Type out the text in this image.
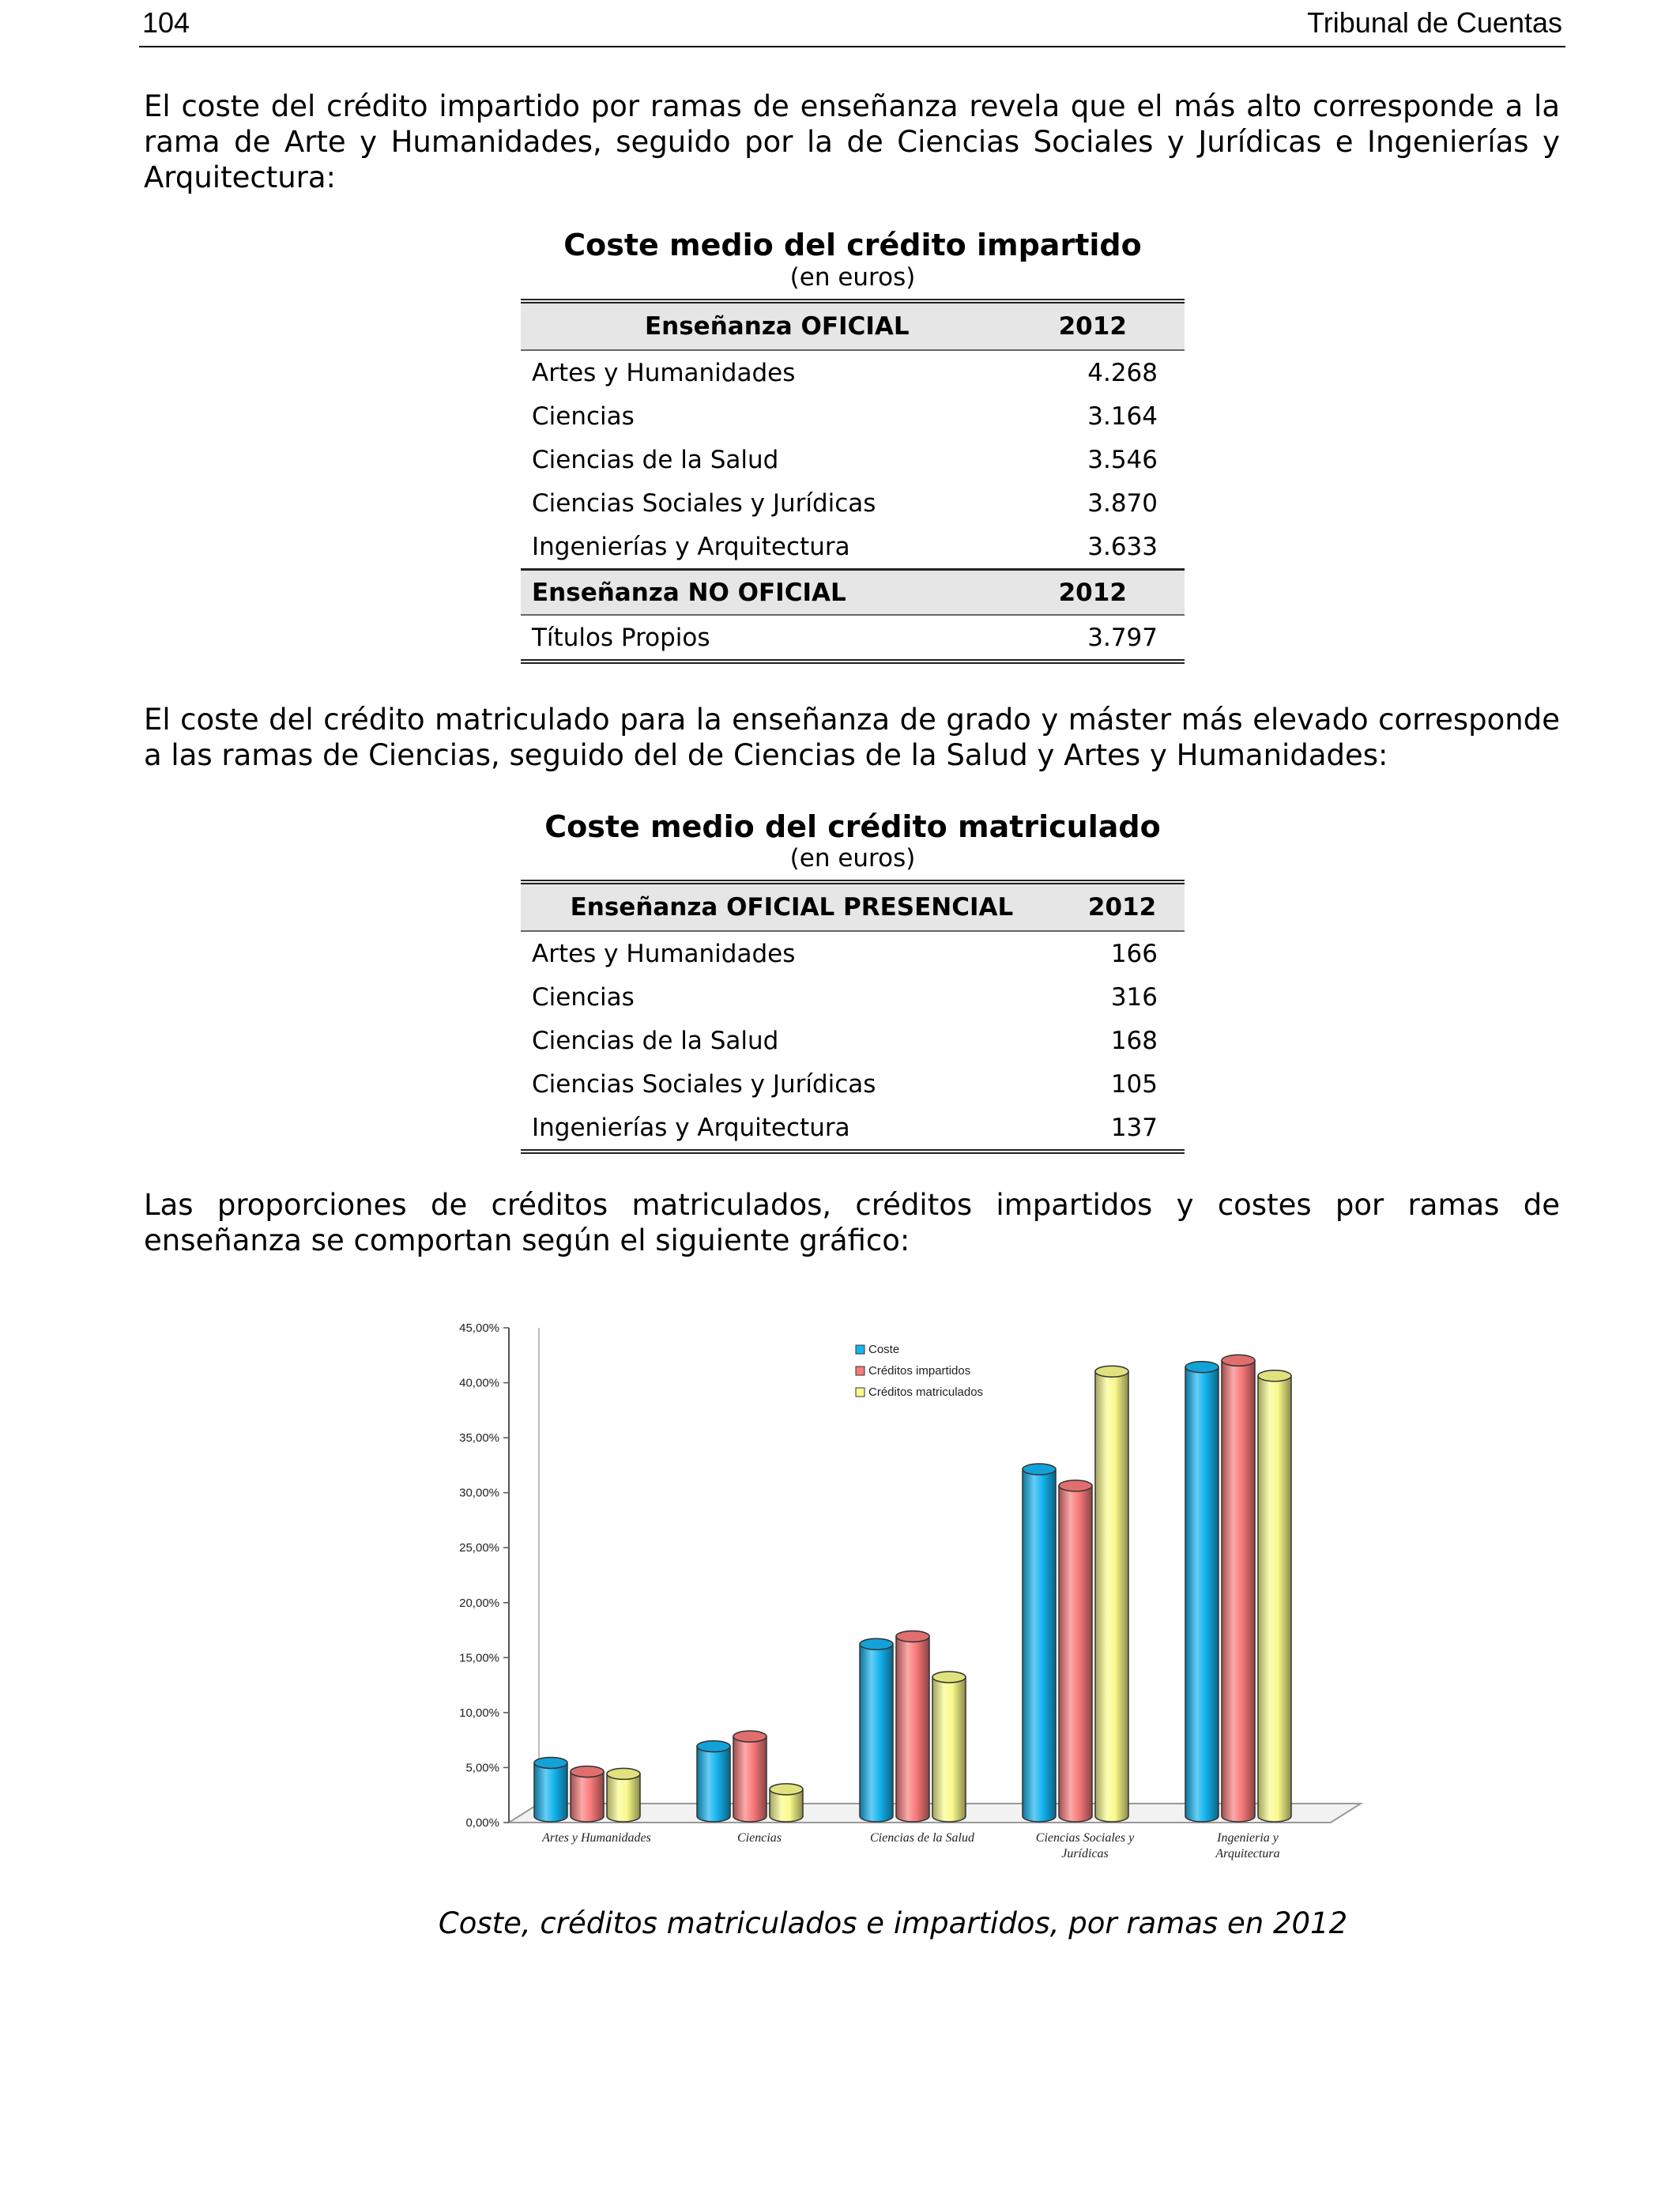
104	Tribunal de Cuentas

El coste del crédito impartido por ramas de enseñanza revela que el más alto corresponde a la rama de Arte y Humanidades, seguido por la de Ciencias Sociales y Jurídicas e Ingenierías y Arquitectura:

Coste medio del crédito impartido
(en euros)
Enseñanza OFICIAL	2012
Artes y Humanidades	4.268
Ciencias	3.164
Ciencias de la Salud	3.546
Ciencias Sociales y Jurídicas	3.870
Ingenierías y Arquitectura	3.633
Enseñanza NO OFICIAL	2012
Títulos Propios	3.797

El coste del crédito matriculado para la enseñanza de grado y máster más elevado corresponde a las ramas de Ciencias, seguido del de Ciencias de la Salud y Artes y Humanidades:

Coste medio del crédito matriculado
(en euros)
Enseñanza OFICIAL PRESENCIAL	2012
Artes y Humanidades	166
Ciencias	316
Ciencias de la Salud	168
Ciencias Sociales y Jurídicas	105
Ingenierías y Arquitectura	137

Las proporciones de créditos matriculados, créditos impartidos y costes por ramas de enseñanza se comportan según el siguiente gráfico:

0,00%
5,00%
10,00%
15,00%
20,00%
25,00%
30,00%
35,00%
40,00%
45,00%
Artes y Humanidades	Ciencias	Ciencias de la Salud	Ciencias Sociales y
Jurídicas
Ingenieria y
Arquitectura
Coste
Créditos impartidos
Créditos matriculados
Coste, créditos matriculados e impartidos, por ramas en 2012
